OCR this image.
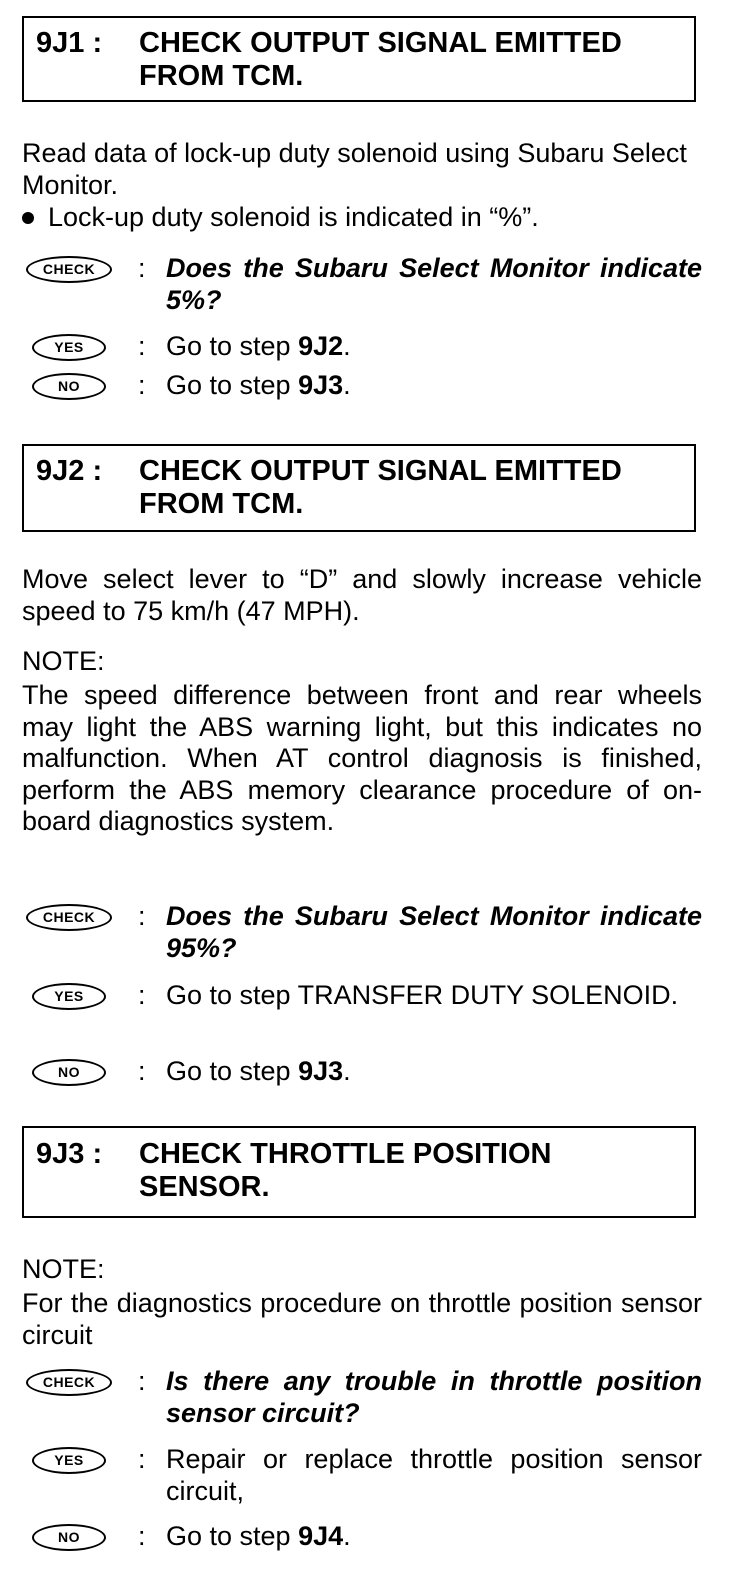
9J1 : CHECK OUTPUT SIGNAL EMITTED FROM TCM.
Read data of lock-up duty solenoid using Subaru Select Monitor.
Lock-up duty solenoid is indicated in “%”.
CHECK	: Does the Subaru Select Monitor indicate 5%?
YES	: Go to step 9J2.
NO	: Go to step 9J3.
9J2 : CHECK OUTPUT SIGNAL EMITTED FROM TCM.
Move select lever to “D” and slowly increase vehicle speed to 75 km/h (47 MPH).
NOTE:
The speed difference between front and rear wheels may light the ABS warning light, but this indicates no malfunction. When AT control diagnosis is finished, perform the ABS memory clearance procedure of on-board diagnostics system.
CHECK	: Does the Subaru Select Monitor indicate 95%?
YES	: Go to step TRANSFER DUTY SOLENOID.
NO	: Go to step 9J3.
9J3 : CHECK THROTTLE POSITION SENSOR.
NOTE:
For the diagnostics procedure on throttle position sensor circuit
CHECK	: Is there any trouble in throttle position sensor circuit?
YES	: Repair or replace throttle position sensor circuit,
NO	: Go to step 9J4.
